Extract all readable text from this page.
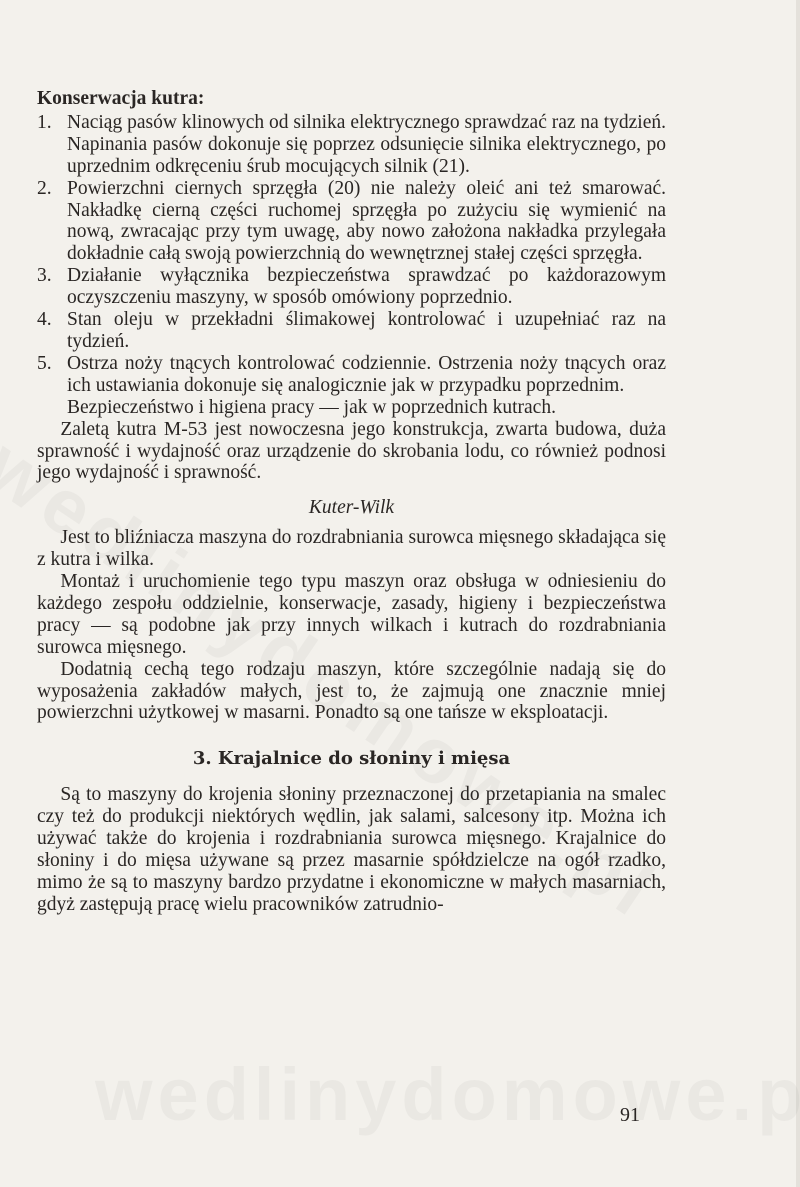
Konserwacja kutra:

1. Naciąg pasów klinowych od silnika elektrycznego sprawdzać raz na tydzień. Napinania pasów dokonuje się poprzez odsunięcie silnika elektrycznego, po uprzednim odkręceniu śrub mocujących silnik (21).
2. Powierzchni ciernych sprzęgła (20) nie należy oleić ani też smarować. Nakładkę cierną części ruchomej sprzęgła po zużyciu się wymienić na nową, zwracając przy tym uwagę, aby nowo założona nakładka przylegała dokładnie całą swoją powierzchnią do wewnętrznej stałej części sprzęgła.
3. Działanie wyłącznika bezpieczeństwa sprawdzać po każdorazowym oczyszczeniu maszyny, w sposób omówiony poprzednio.
4. Stan oleju w przekładni ślimakowej kontrolować i uzupełniać raz na tydzień.
5. Ostrza noży tnących kontrolować codziennie. Ostrzenia noży tnących oraz ich ustawiania dokonuje się analogicznie jak w przypadku poprzednim.

Bezpieczeństwo i higiena pracy — jak w poprzednich kutrach.

Zaletą kutra M-53 jest nowoczesna jego konstrukcja, zwarta budowa, duża sprawność i wydajność oraz urządzenie do skrobania lodu, co również podnosi jego wydajność i sprawność.

Kuter-Wilk

Jest to bliźniacza maszyna do rozdrabniania surowca mięsnego składająca się z kutra i wilka.

Montaż i uruchomienie tego typu maszyn oraz obsługa w odniesieniu do każdego zespołu oddzielnie, konserwacje, zasady, higieny i bezpieczeństwa pracy — są podobne jak przy innych wilkach i kutrach do rozdrabniania surowca mięsnego.

Dodatnią cechą tego rodzaju maszyn, które szczególnie nadają się do wyposażenia zakładów małych, jest to, że zajmują one znacznie mniej powierzchni użytkowej w masarni. Ponadto są one tańsze w eksploatacji.

3. Krajalnice do słoniny i mięsa

Są to maszyny do krojenia słoniny przeznaczonej do przetapiania na smalec czy też do produkcji niektórych wędlin, jak salami, salcesony itp. Można ich używać także do krojenia i rozdrabniania surowca mięsnego. Krajalnice do słoniny i do mięsa używane są przez masarnie spółdzielcze na ogół rzadko, mimo że są to maszyny bardzo przydatne i ekonomiczne w małych masarniach, gdyż zastępują pracę wielu pracowników zatrudnio-

91
